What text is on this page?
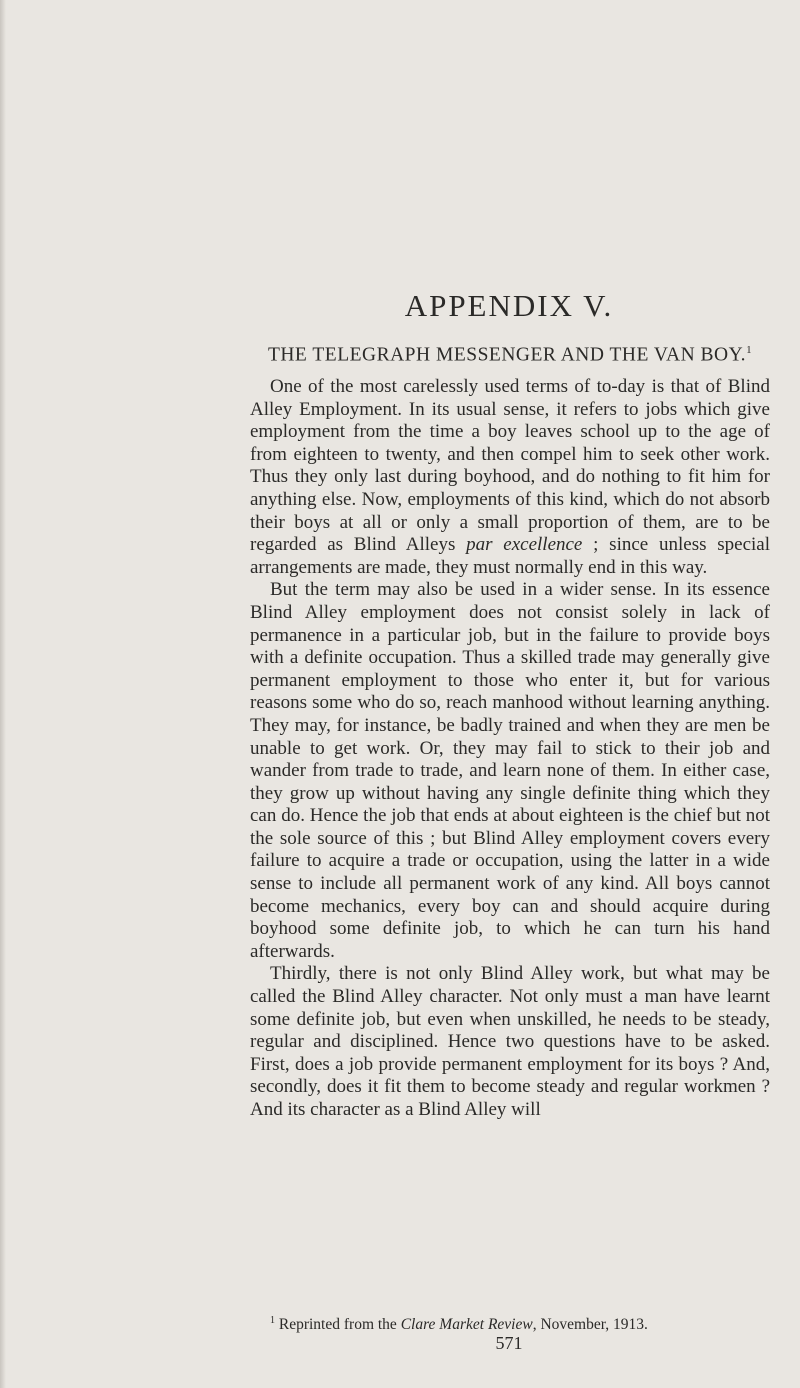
APPENDIX V.
THE TELEGRAPH MESSENGER AND THE VAN BOY.$^1$

One of the most carelessly used terms of to-day is that of Blind Alley Employment. In its usual sense, it refers to jobs which give employment from the time a boy leaves school up to the age of from eighteen to twenty, and then compel him to seek other work. Thus they only last during boyhood, and do nothing to fit him for anything else. Now, employments of this kind, which do not absorb their boys at all or only a small proportion of them, are to be regarded as Blind Alleys par excellence ; since unless special arrangements are made, they must normally end in this way.

But the term may also be used in a wider sense. In its essence Blind Alley employment does not consist solely in lack of permanence in a particular job, but in the failure to provide boys with a definite occupation. Thus a skilled trade may generally give permanent employment to those who enter it, but for various reasons some who do so, reach manhood without learning anything. They may, for instance, be badly trained and when they are men be unable to get work. Or, they may fail to stick to their job and wander from trade to trade, and learn none of them. In either case, they grow up without having any single definite thing which they can do. Hence the job that ends at about eighteen is the chief but not the sole source of this ; but Blind Alley employment covers every failure to acquire a trade or occupation, using the latter in a wide sense to include all permanent work of any kind. All boys cannot become mechanics, every boy can and should acquire during boyhood some definite job, to which he can turn his hand afterwards.

Thirdly, there is not only Blind Alley work, but what may be called the Blind Alley character. Not only must a man have learnt some definite job, but even when unskilled, he needs to be steady, regular and disciplined. Hence two questions have to be asked. First, does a job provide permanent employment for its boys ? And, secondly, does it fit them to become steady and regular workmen ? And its character as a Blind Alley will

$^1$ Reprinted from the Clare Market Review, November, 1913.

571
